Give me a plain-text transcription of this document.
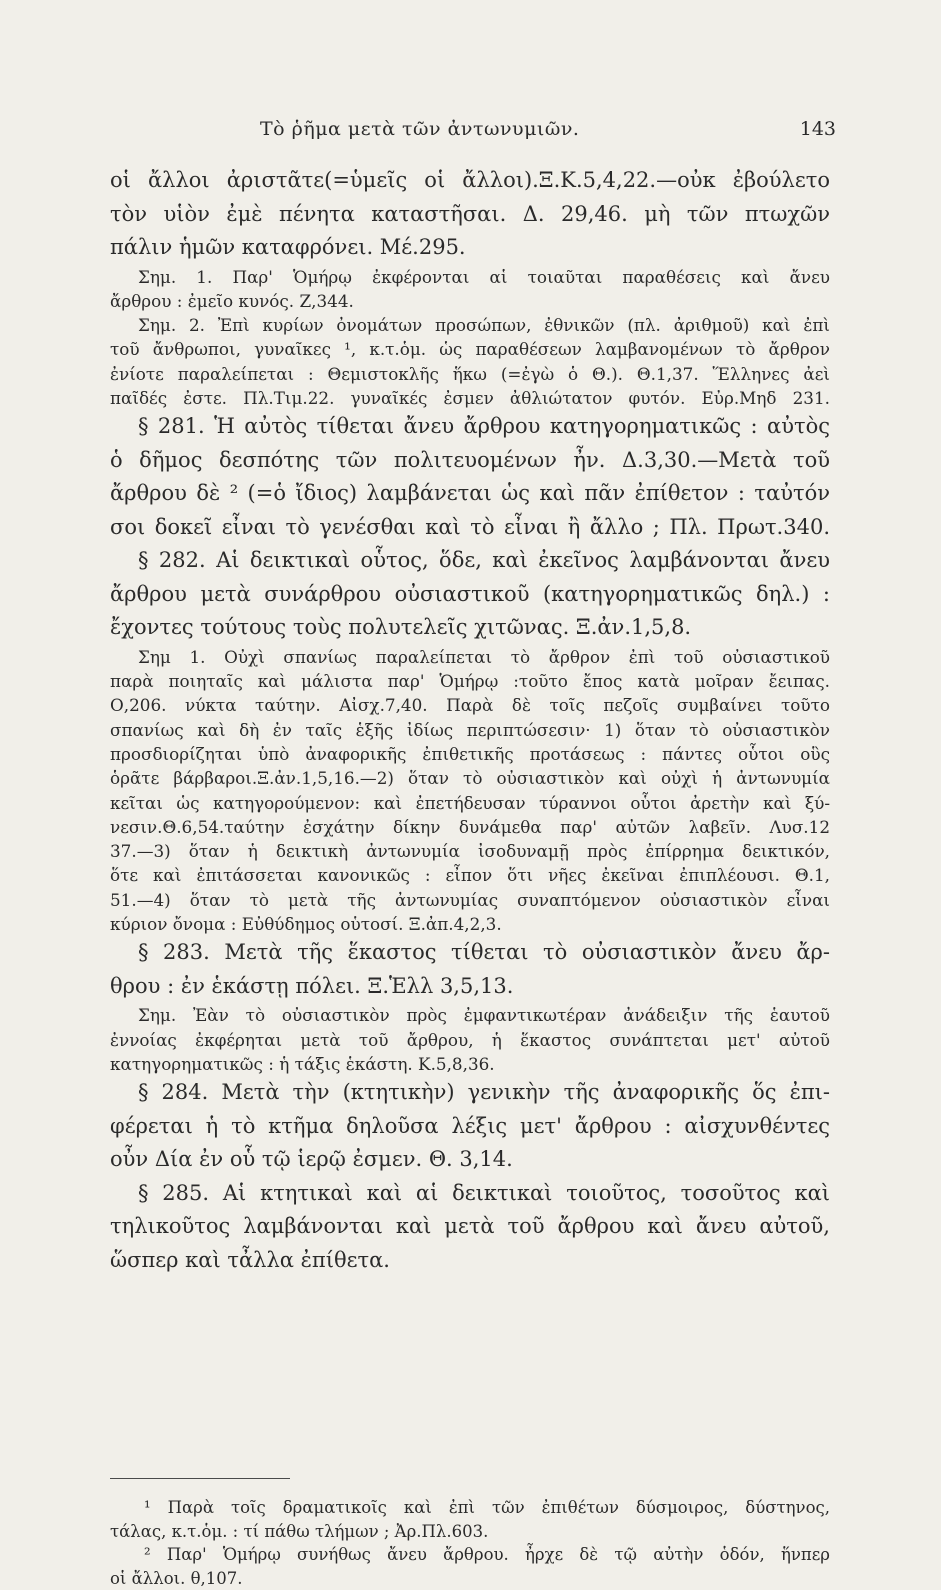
Τὸ ῥῆμα μετὰ τῶν ἀντωνυμιῶν.	143
οἱ ἄλλοι ἀριστᾶτε(=ὑμεῖς οἱ ἄλλοι).Ξ.Κ.5,4,22.—οὐκ ἐβούλετο
τὸν υἱὸν ἐμὲ πένητα καταστῆσαι. Δ. 29,46. μὴ τῶν πτωχῶν
πάλιν ἡμῶν καταφρόνει. Μέ.295.
Σημ. 1. Παρ' Ὁμήρῳ ἐκφέρονται αἱ τοιαῦται παραθέσεις καὶ ἄνευ
ἄρθρου : ἐμεῖο κυνός. Ζ,344.
Σημ. 2. Ἐπὶ κυρίων ὀνομάτων προσώπων, ἐθνικῶν (πλ. ἀριθμοῦ) καὶ ἐπὶ
τοῦ ἄνθρωποι, γυναῖκες ¹, κ.τ.ὁμ. ὡς παραθέσεων λαμβανομένων τὸ ἄρθρον
ἐνίοτε παραλείπεται : Θεμιστοκλῆς ἥκω (=ἐγὼ ὁ Θ.). Θ.1,37. Ἕλληνες ἀεὶ
παῖδές ἐστε. Πλ.Τιμ.22. γυναῖκές ἐσμεν ἀθλιώτατον φυτόν. Εὐρ.Μηδ 231.
§ 281. Ἡ αὐτὸς τίθεται ἄνευ ἄρθρου κατηγορηματικῶς : αὐτὸς
ὁ δῆμος δεσπότης τῶν πολιτευομένων ἦν. Δ.3,30.—Μετὰ τοῦ
ἄρθρου δὲ ² (=ὁ ἴδιος) λαμβάνεται ὡς καὶ πᾶν ἐπίθετον : ταὐτόν
σοι δοκεῖ εἶναι τὸ γενέσθαι καὶ τὸ εἶναι ἢ ἄλλο ; Πλ. Πρωτ.340.
§ 282. Αἱ δεικτικαὶ οὗτος, ὅδε, καὶ ἐκεῖνος λαμβάνονται ἄνευ
ἄρθρου μετὰ συνάρθρου οὐσιαστικοῦ (κατηγορηματικῶς δηλ.) :
ἔχοντες τούτους τοὺς πολυτελεῖς χιτῶνας. Ξ.ἀν.1,5,8.
Σημ 1. Οὐχὶ σπανίως παραλείπεται τὸ ἄρθρον ἐπὶ τοῦ οὐσιαστικοῦ
παρὰ ποιηταῖς καὶ μάλιστα παρ' Ὁμήρῳ :τοῦτο ἔπος κατὰ μοῖραν ἔειπας.
Ο,206. νύκτα ταύτην. Αἰσχ.7,40. Παρὰ δὲ τοῖς πεζοῖς συμβαίνει τοῦτο
σπανίως καὶ δὴ ἐν ταῖς ἑξῆς ἰδίως περιπτώσεσιν· 1) ὅταν τὸ οὐσιαστικὸν
προσδιορίζηται ὑπὸ ἀναφορικῆς ἐπιθετικῆς προτάσεως : πάντες οὗτοι οὓς
ὁρᾶτε βάρβαροι.Ξ.ἀν.1,5,16.—2) ὅταν τὸ οὐσιαστικὸν καὶ οὐχὶ ἡ ἀντωνυμία
κεῖται ὡς κατηγορούμενον: καὶ ἐπετήδευσαν τύραννοι οὗτοι ἀρετὴν καὶ ξύ-
νεσιν.Θ.6,54.ταύτην ἐσχάτην δίκην δυνάμεθα παρ' αὐτῶν λαβεῖν. Λυσ.12
37.—3) ὅταν ἡ δεικτικὴ ἀντωνυμία ἰσοδυναμῇ πρὸς ἐπίρρημα δεικτικόν,
ὅτε καὶ ἐπιτάσσεται κανονικῶς : εἶπον ὅτι νῆες ἐκεῖναι ἐπιπλέουσι. Θ.1,
51.—4) ὅταν τὸ μετὰ τῆς ἀντωνυμίας συναπτόμενον οὐσιαστικὸν εἶναι
κύριον ὄνομα : Εὐθύδημος οὑτοσί. Ξ.ἀπ.4,2,3.
§ 283. Μετὰ τῆς ἕκαστος τίθεται τὸ οὐσιαστικὸν ἄνευ ἄρ-
θρου : ἐν ἑκάστῃ πόλει. Ξ.Ἑλλ 3,5,13.
Σημ. Ἐὰν τὸ οὐσιαστικὸν πρὸς ἐμφαντικωτέραν ἀνάδειξιν τῆς ἑαυτοῦ
ἐννοίας ἐκφέρηται μετὰ τοῦ ἄρθρου, ἡ ἕκαστος συνάπτεται μετ' αὐτοῦ
κατηγορηματικῶς : ἡ τάξις ἑκάστη. Κ.5,8,36.
§ 284. Μετὰ τὴν (κτητικὴν) γενικὴν τῆς ἀναφορικῆς ὅς ἐπι-
φέρεται ἡ τὸ κτῆμα δηλοῦσα λέξις μετ' ἄρθρου : αἰσχυνθέντες
οὖν Δία ἐν οὗ τῷ ἱερῷ ἐσμεν. Θ. 3,14.
§ 285. Αἱ κτητικαὶ καὶ αἱ δεικτικαὶ τοιοῦτος, τοσοῦτος καὶ
τηλικοῦτος λαμβάνονται καὶ μετὰ τοῦ ἄρθρου καὶ ἄνευ αὐτοῦ,
ὥσπερ καὶ τἆλλα ἐπίθετα.
¹ Παρὰ τοῖς δραματικοῖς καὶ ἐπὶ τῶν ἐπιθέτων δύσμοιρος, δύστηνος,
τάλας, κ.τ.ὁμ. : τί πάθω τλήμων ; Ἀρ.Πλ.603.
² Παρ' Ὁμήρῳ συνήθως ἄνευ ἄρθρου. ἦρχε δὲ τῷ αὐτὴν ὁδόν, ἥνπερ
οἱ ἄλλοι. θ,107.
